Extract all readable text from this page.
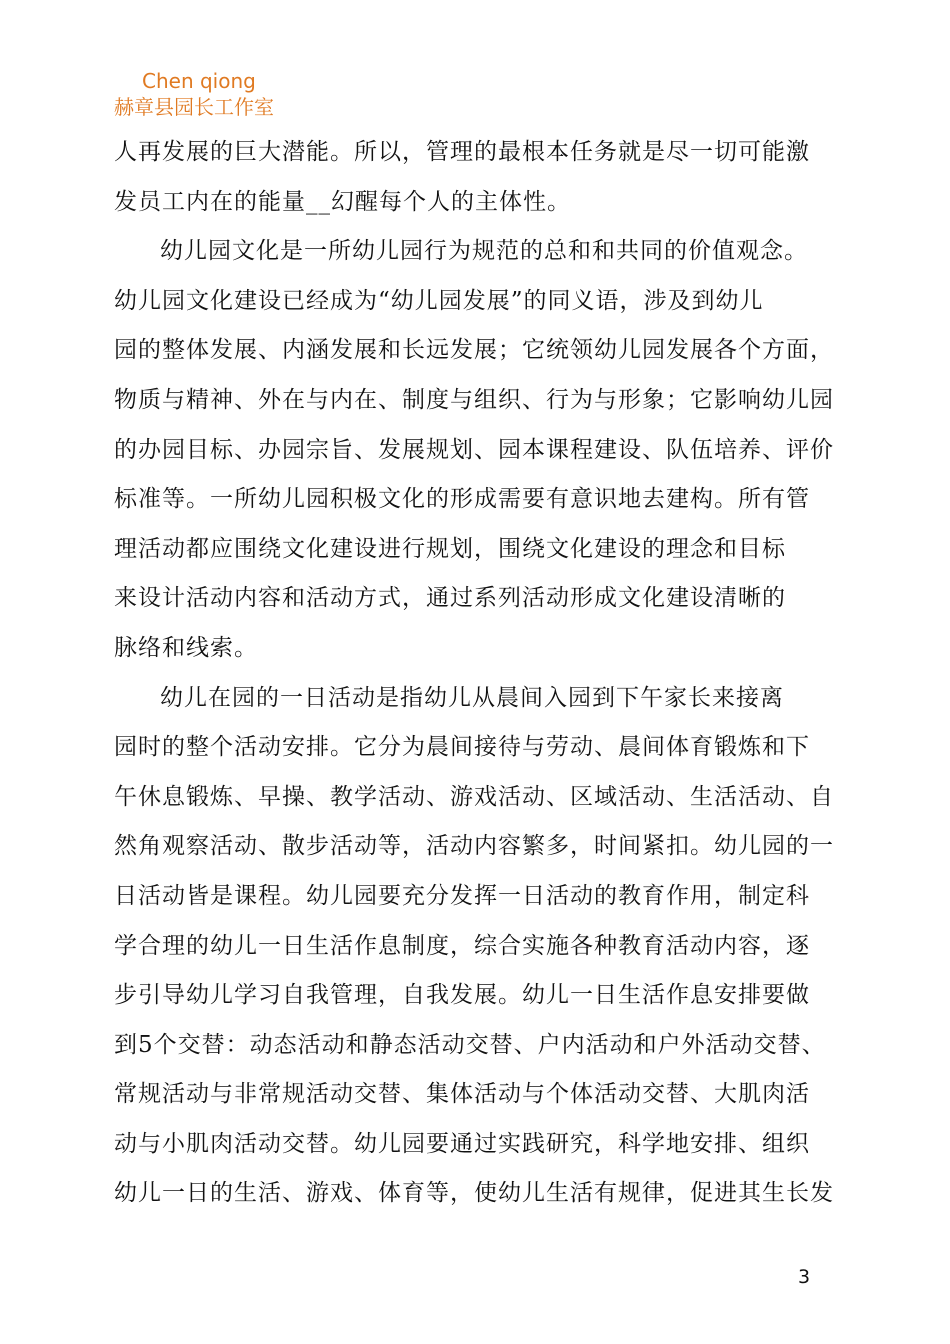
Chen qiong
赫章县园长工作室
人再发展的巨大潜能。所以，管理的最根本任务就是尽一切可能激
发员工内在的能量__幻醒每个人的主体性。
幼儿园文化是一所幼儿园行为规范的总和和共同的价值观念。
幼儿园文化建设已经成为“幼儿园发展”的同义语，涉及到幼儿
园的整体发展、内涵发展和长远发展；它统领幼儿园发展各个方面，
物质与精神、外在与内在、制度与组织、行为与形象；它影响幼儿园
的办园目标、办园宗旨、发展规划、园本课程建设、队伍培养、评价
标准等。一所幼儿园积极文化的形成需要有意识地去建构。所有管
理活动都应围绕文化建设进行规划，围绕文化建设的理念和目标
来设计活动内容和活动方式，通过系列活动形成文化建设清晰的
脉络和线索。
幼儿在园的一日活动是指幼儿从晨间入园到下午家长来接离
园时的整个活动安排。它分为晨间接待与劳动、晨间体育锻炼和下
午休息锻炼、早操、教学活动、游戏活动、区域活动、生活活动、自
然角观察活动、散步活动等，活动内容繁多，时间紧扣。幼儿园的一
日活动皆是课程。幼儿园要充分发挥一日活动的教育作用，制定科
学合理的幼儿一日生活作息制度，综合实施各种教育活动内容，逐
步引导幼儿学习自我管理，自我发展。幼儿一日生活作息安排要做
到5个交替：动态活动和静态活动交替、户内活动和户外活动交替、
常规活动与非常规活动交替、集体活动与个体活动交替、大肌肉活
动与小肌肉活动交替。幼儿园要通过实践研究，科学地安排、组织
幼儿一日的生活、游戏、体育等，使幼儿生活有规律，促进其生长发
3
